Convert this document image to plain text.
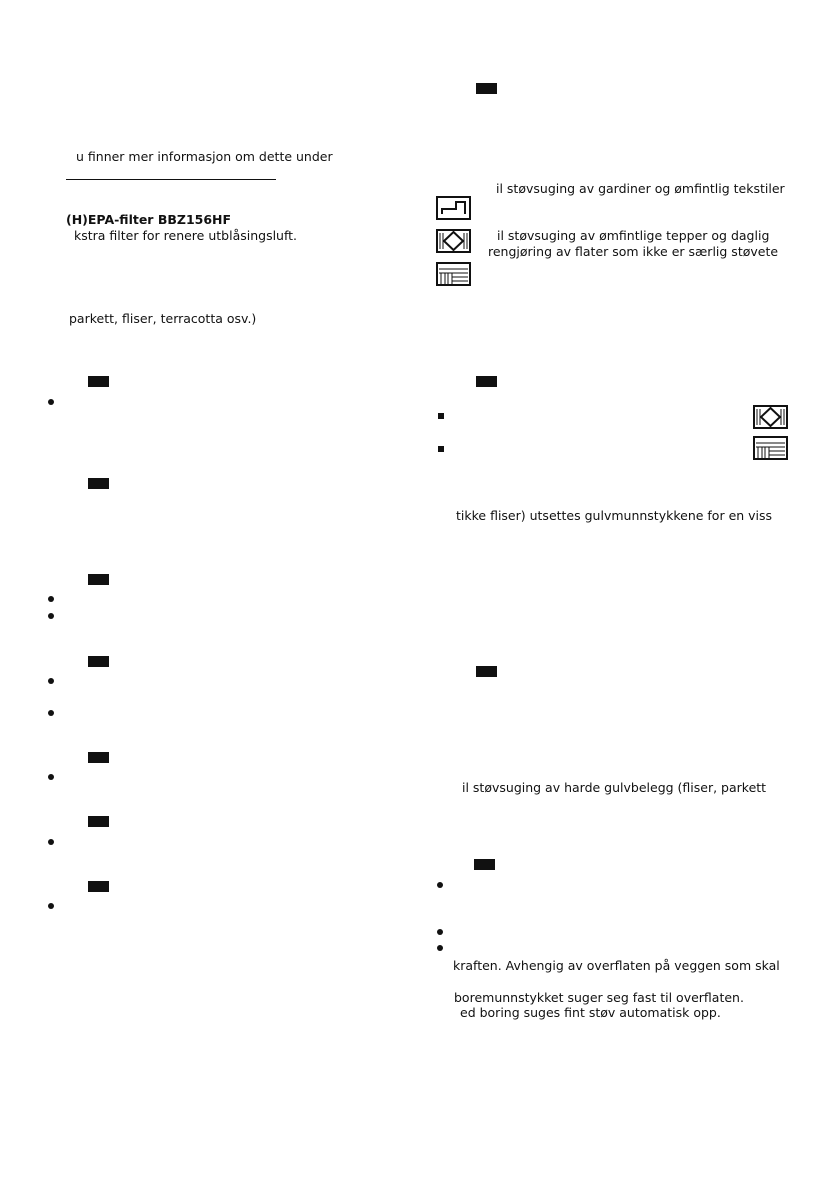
u finner mer informasjon om dette under
(H)EPA-filter BBZ156HF
kstra filter for renere utblåsingsluft.
parkett, fliser, terracotta osv.)
il støvsuging av gardiner og ømfintlig tekstiler
il støvsuging av ømfintlige tepper og daglig
rengjøring av flater som ikke er særlig støvete
tikke fliser) utsettes gulvmunnstykkene for en viss
il støvsuging av harde gulvbelegg (fliser, parkett
kraften. Avhengig av overflaten på veggen som skal
boremunnstykket suger seg fast til overflaten.
ed boring suges fint støv automatisk opp.
